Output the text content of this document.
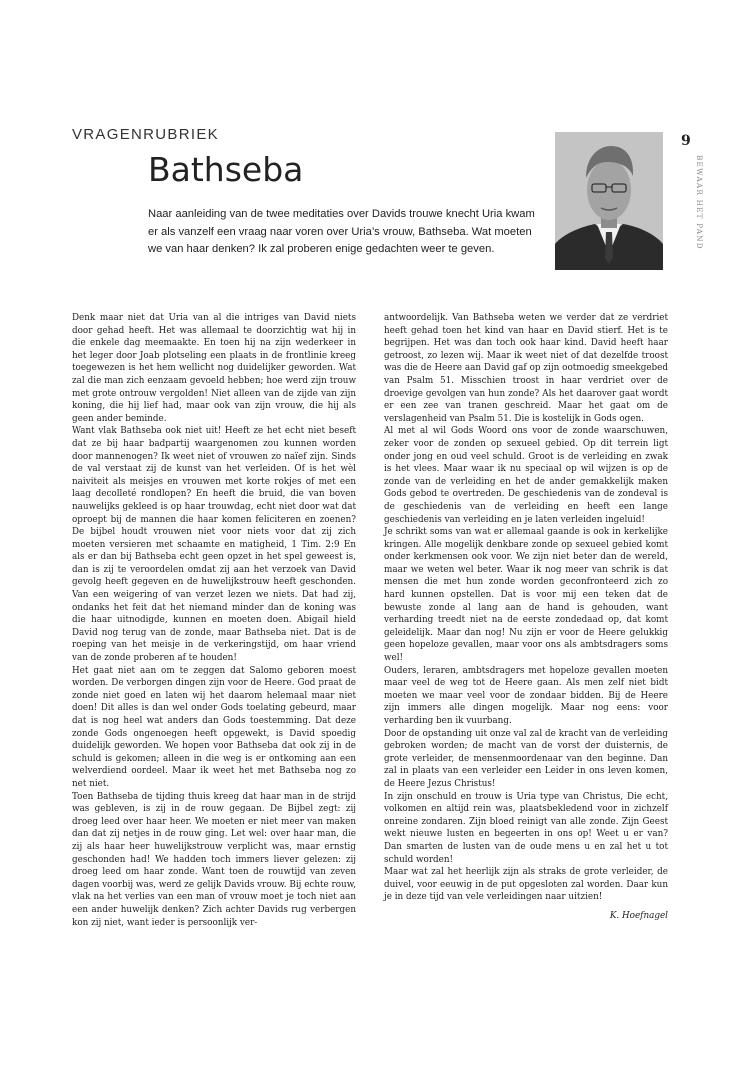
VRAGENRUBRIEK
Bathseba
Naar aanleiding van de twee meditaties over Davids trouwe knecht Uria kwam er als vanzelf een vraag naar voren over Uria’s vrouw, Bathseba. Wat moeten we van haar denken? Ik zal proberen enige gedachten weer te geven.
9
BEWAAR HET PAND

Denk maar niet dat Uria van al die intriges van David niets door gehad heeft. Het was allemaal te doorzichtig wat hij in die enkele dag meemaakte. En toen hij na zijn wederkeer in het leger door Joab plotseling een plaats in de frontlinie kreeg toegewezen is het hem wellicht nog duidelijker geworden. Wat zal die man zich eenzaam gevoeld hebben; hoe werd zijn trouw met grote ontrouw vergolden! Niet alleen van de zijde van zijn koning, die hij lief had, maar ook van zijn vrouw, die hij als geen ander beminde.

Want vlak Bathseba ook niet uit! Heeft ze het echt niet beseft dat ze bij haar badpartij waargenomen zou kunnen worden door mannenogen? Ik weet niet of vrouwen zo naïef zijn. Sinds de val verstaat zij de kunst van het verleiden. Of is het wèl naiviteit als meisjes en vrouwen met korte rokjes of met een laag decolleté rondlopen? En heeft die bruid, die van boven nauwelijks gekleed is op haar trouwdag, echt niet door wat dat oproept bij de mannen die haar komen feliciteren en zoenen? De bijbel houdt vrouwen niet voor niets voor dat zij zich moeten versieren met schaamte en matigheid, 1 Tim. 2:9 En als er dan bij Bathseba echt geen opzet in het spel geweest is, dan is zij te veroordelen omdat zij aan het verzoek van David gevolg heeft gegeven en de huwelijkstrouw heeft geschonden. Van een weigering of van verzet lezen we niets. Dat had zij, ondanks het feit dat het niemand minder dan de koning was die haar uitnodigde, kunnen en moeten doen. Abigail hield David nog terug van de zonde, maar Bathseba niet. Dat is de roeping van het meisje in de verkeringstijd, om haar vriend van de zonde proberen af te houden!

Het gaat niet aan om te zeggen dat Salomo geboren moest worden. De verborgen dingen zijn voor de Heere. God praat de zonde niet goed en laten wij het daarom helemaal maar niet doen! Dit alles is dan wel onder Gods toelating gebeurd, maar dat is nog heel wat anders dan Gods toestemming. Dat deze zonde Gods ongenoegen heeft opgewekt, is David spoedig duidelijk geworden. We hopen voor Bathseba dat ook zij in de schuld is gekomen; alleen in die weg is er ontkoming aan een welverdiend oordeel. Maar ik weet het met Bathseba nog zo net niet.

Toen Bathseba de tijding thuis kreeg dat haar man in de strijd was gebleven, is zij in de rouw gegaan. De Bijbel zegt: zij droeg leed over haar heer. We moeten er niet meer van maken dan dat zij netjes in de rouw ging. Let wel: over haar man, die zij als haar heer huwelijkstrouw verplicht was, maar ernstig geschonden had! We hadden toch immers liever gelezen: zij droeg leed om haar zonde. Want toen de rouwtijd van zeven dagen voorbij was, werd ze gelijk Davids vrouw. Bij echte rouw, vlak na het verlies van een man of vrouw moet je toch niet aan een ander huwelijk denken? Zich achter Davids rug verbergen kon zij niet, want ieder is persoonlijk ver-

antwoordelijk. Van Bathseba weten we verder dat ze verdriet heeft gehad toen het kind van haar en David stierf. Het is te begrijpen. Het was dan toch ook haar kind. David heeft haar getroost, zo lezen wij. Maar ik weet niet of dat dezelfde troost was die de Heere aan David gaf op zijn ootmoedig smeekgebed van Psalm 51. Misschien troost in haar verdriet over de droevige gevolgen van hun zonde? Als het daarover gaat wordt er een zee van tranen geschreid. Maar het gaat om de verslagenheid van Psalm 51. Die is kostelijk in Gods ogen.

Al met al wil Gods Woord ons voor de zonde waarschuwen, zeker voor de zonden op sexueel gebied. Op dit terrein ligt onder jong en oud veel schuld. Groot is de verleiding en zwak is het vlees. Maar waar ik nu speciaal op wil wijzen is op de zonde van de verleiding en het de ander gemakkelijk maken Gods gebod te overtreden. De geschiedenis van de zondeval is de geschiedenis van de verleiding en heeft een lange geschiedenis van verleiding en je laten verleiden ingeluid!

Je schrikt soms van wat er allemaal gaande is ook in kerkelijke kringen. Alle mogelijk denkbare zonde op sexueel gebied komt onder kerkmensen ook voor. We zijn niet beter dan de wereld, maar we weten wel beter. Waar ik nog meer van schrik is dat mensen die met hun zonde worden geconfronteerd zich zo hard kunnen opstellen. Dat is voor mij een teken dat de bewuste zonde al lang aan de hand is gehouden, want verharding treedt niet na de eerste zondedaad op, dat komt geleidelijk. Maar dan nog! Nu zijn er voor de Heere gelukkig geen hopeloze gevallen, maar voor ons als ambtsdragers soms wel!

Ouders, leraren, ambtsdragers met hopeloze gevallen moeten maar veel de weg tot de Heere gaan. Als men zelf niet bidt moeten we maar veel voor de zondaar bidden. Bij de Heere zijn immers alle dingen mogelijk. Maar nog eens: voor verharding ben ik vuurbang.

Door de opstanding uit onze val zal de kracht van de verleiding gebroken worden; de macht van de vorst der duisternis, de grote verleider, de mensenmoordenaar van den beginne. Dan zal in plaats van een verleider een Leider in ons leven komen, de Heere Jezus Christus!

In zijn onschuld en trouw is Uria type van Christus, Die echt, volkomen en altijd rein was, plaatsbekledend voor in zichzelf onreine zondaren. Zijn bloed reinigt van alle zonde. Zijn Geest wekt nieuwe lusten en begeerten in ons op! Weet u er van? Dan smarten de lusten van de oude mens u en zal het u tot schuld worden!

Maar wat zal het heerlijk zijn als straks de grote verleider, de duivel, voor eeuwig in de put opgesloten zal worden. Daar kun je in deze tijd van vele verleidingen naar uitzien!

K. Hoefnagel
